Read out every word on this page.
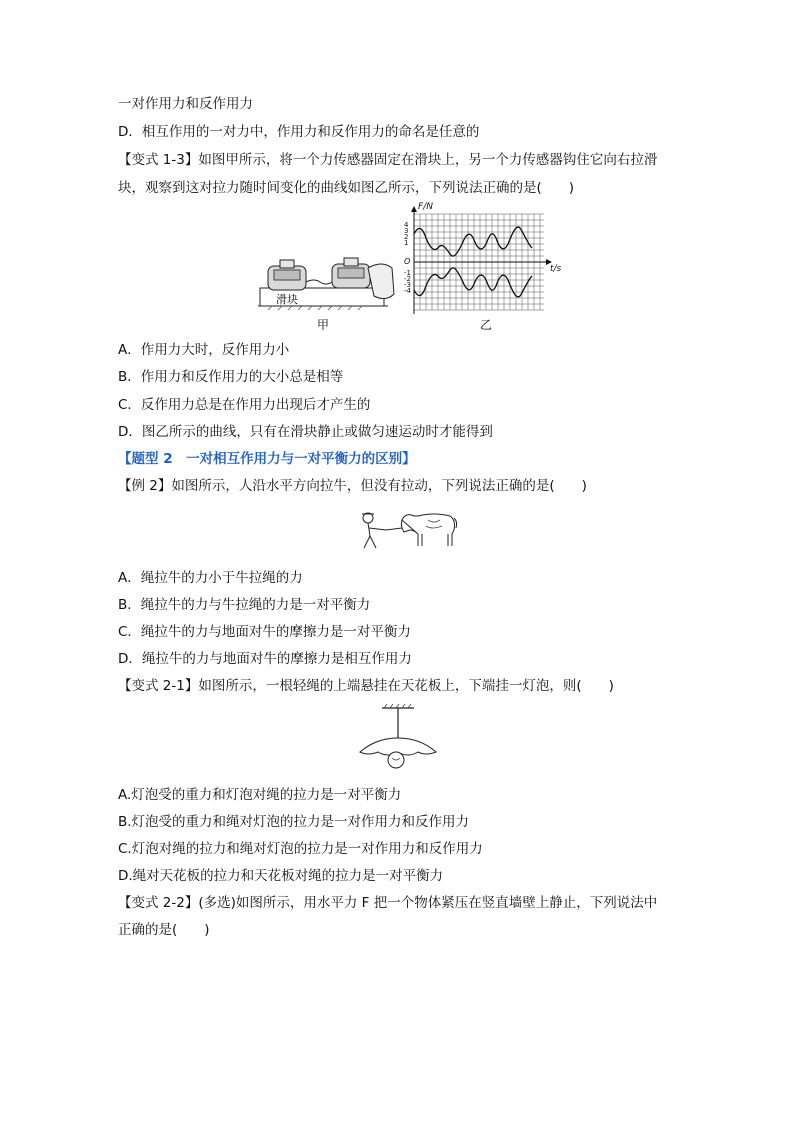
一对作用力和反作用力
D．相互作用的一对力中，作用力和反作用力的命名是任意的
【变式 1-3】如图甲所示，将一个力传感器固定在滑块上，另一个力传感器钩住它向右拉滑
块，观察到这对拉力随时间变化的曲线如图乙所示，下列说法正确的是(　　)
滑块
甲
F/N
t/s
O
4
3
2
1
-1
-2
-3
-4
乙
A．作用力大时，反作用力小
B．作用力和反作用力的大小总是相等
C．反作用力总是在作用力出现后才产生的
D．图乙所示的曲线，只有在滑块静止或做匀速运动时才能得到
【题型 2　一对相互作用力与一对平衡力的区别】
【例 2】如图所示，人沿水平方向拉牛，但没有拉动，下列说法正确的是(　　)
A．绳拉牛的力小于牛拉绳的力
B．绳拉牛的力与牛拉绳的力是一对平衡力
C．绳拉牛的力与地面对牛的摩擦力是一对平衡力
D．绳拉牛的力与地面对牛的摩擦力是相互作用力
【变式 2-1】如图所示，一根轻绳的上端悬挂在天花板上，下端挂一灯泡，则(　　)
A.灯泡受的重力和灯泡对绳的拉力是一对平衡力
B.灯泡受的重力和绳对灯泡的拉力是一对作用力和反作用力
C.灯泡对绳的拉力和绳对灯泡的拉力是一对作用力和反作用力
D.绳对天花板的拉力和天花板对绳的拉力是一对平衡力
【变式 2-2】(多选)如图所示，用水平力 F 把一个物体紧压在竖直墙壁上静止，下列说法中
正确的是(　　)
